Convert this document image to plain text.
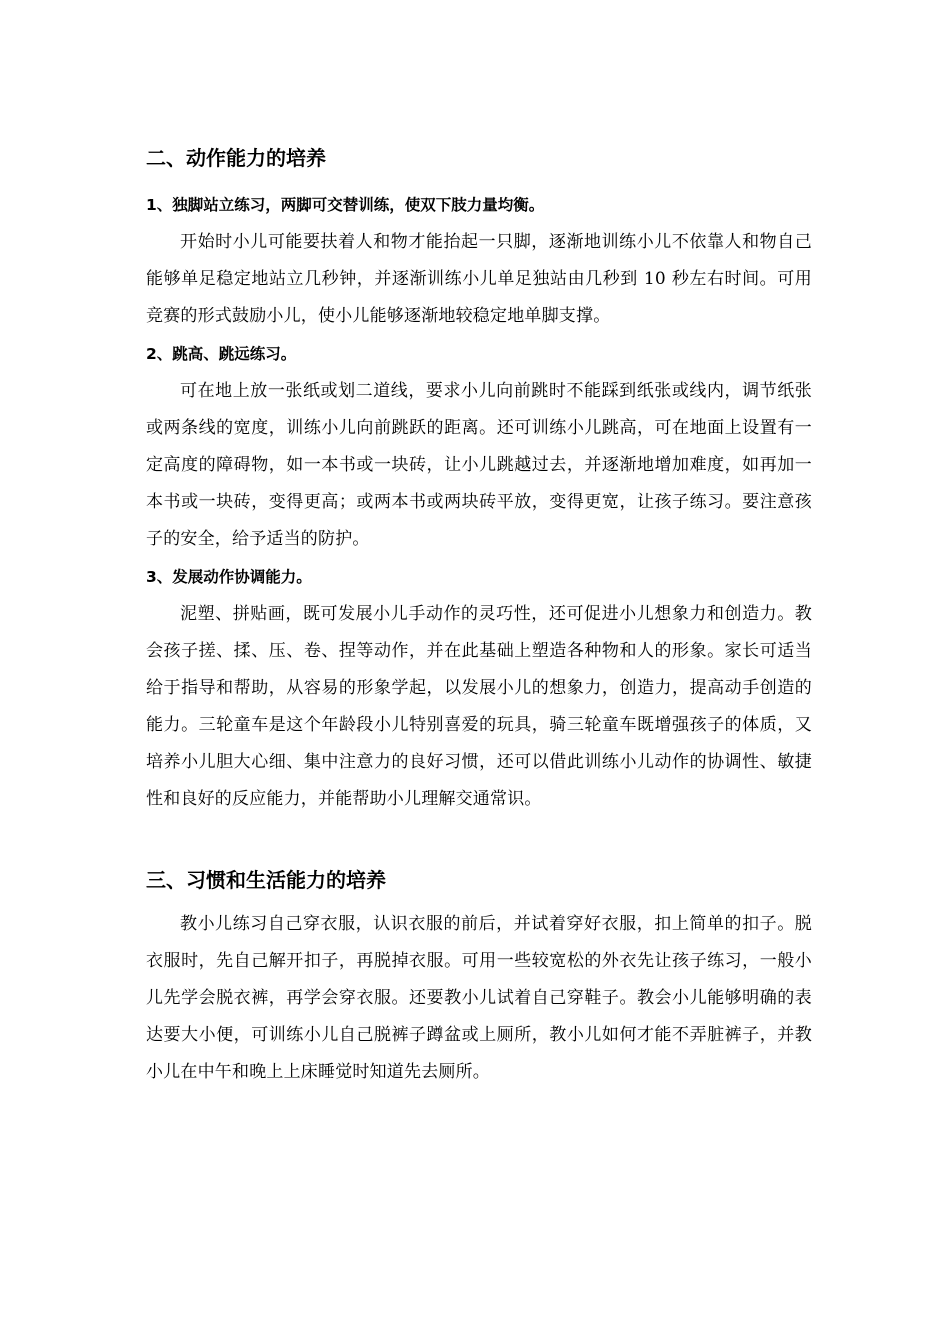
二、动作能力的培养
1、独脚站立练习，两脚可交替训练，使双下肢力量均衡。

开始时小儿可能要扶着人和物才能抬起一只脚，逐渐地训练小儿不依靠人和物自己能够单足稳定地站立几秒钟，并逐渐训练小儿单足独站由几秒到 10 秒左右时间。可用竞赛的形式鼓励小儿，使小儿能够逐渐地较稳定地单脚支撑。

2、跳高、跳远练习。

可在地上放一张纸或划二道线，要求小儿向前跳时不能踩到纸张或线内，调节纸张或两条线的宽度，训练小儿向前跳跃的距离。还可训练小儿跳高，可在地面上设置有一定高度的障碍物，如一本书或一块砖，让小儿跳越过去，并逐渐地增加难度，如再加一本书或一块砖，变得更高；或两本书或两块砖平放，变得更宽，让孩子练习。要注意孩子的安全，给予适当的防护。

3、发展动作协调能力。

泥塑、拼贴画，既可发展小儿手动作的灵巧性，还可促进小儿想象力和创造力。教会孩子搓、揉、压、卷、捏等动作，并在此基础上塑造各种物和人的形象。家长可适当给于指导和帮助，从容易的形象学起，以发展小儿的想象力，创造力，提高动手创造的能力。三轮童车是这个年龄段小儿特别喜爱的玩具，骑三轮童车既增强孩子的体质，又培养小儿胆大心细、集中注意力的良好习惯，还可以借此训练小儿动作的协调性、敏捷性和良好的反应能力，并能帮助小儿理解交通常识。

三、习惯和生活能力的培养

教小儿练习自己穿衣服，认识衣服的前后，并试着穿好衣服，扣上简单的扣子。脱衣服时，先自己解开扣子，再脱掉衣服。可用一些较宽松的外衣先让孩子练习，一般小儿先学会脱衣裤，再学会穿衣服。还要教小儿试着自己穿鞋子。教会小儿能够明确的表达要大小便，可训练小儿自己脱裤子蹲盆或上厕所，教小儿如何才能不弄脏裤子，并教小儿在中午和晚上上床睡觉时知道先去厕所。
